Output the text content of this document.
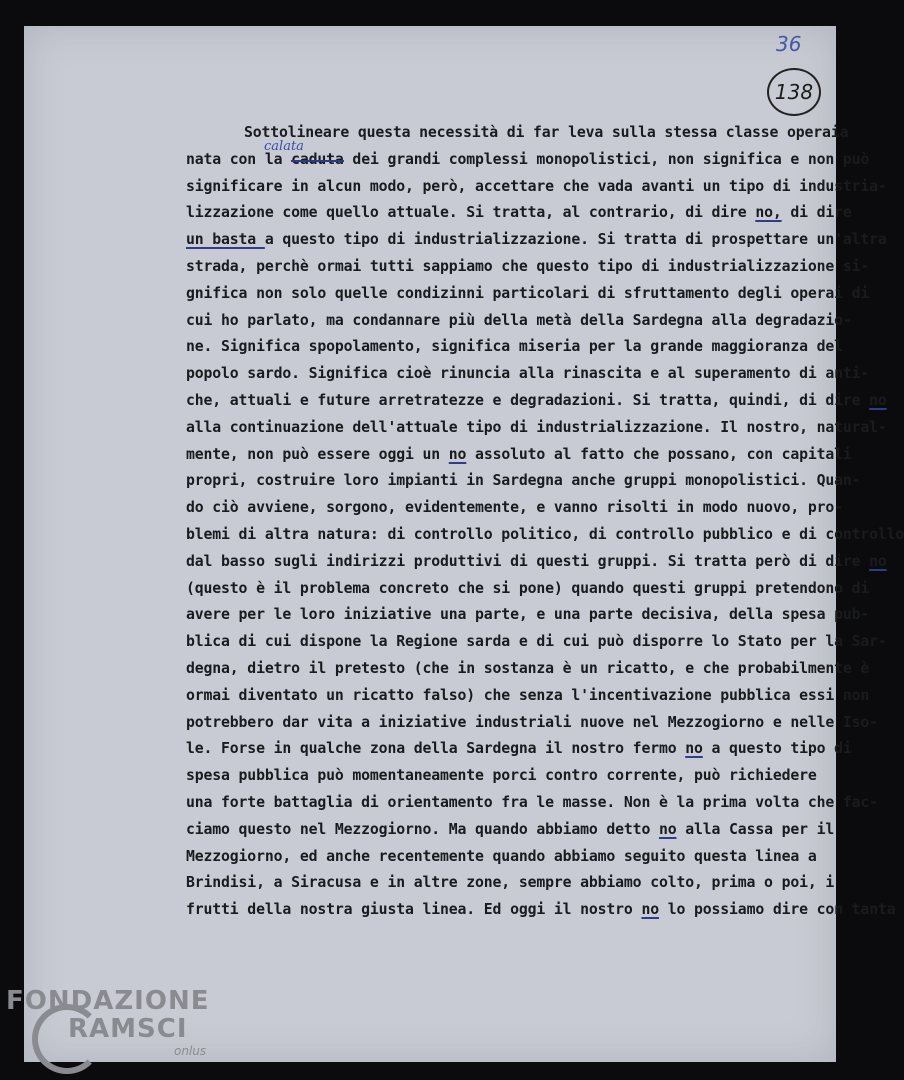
36
138
calata
Sottolineare questa necessità di far leva sulla stessa classe operaia
nata con la caduta dei grandi complessi monopolistici, non significa e non può
significare in alcun modo, però, accettare che vada avanti un tipo di industria-
lizzazione come quello attuale. Si tratta, al contrario, di dire no, di dire
un basta a questo tipo di industrializzazione. Si tratta di prospettare un'altra
strada, perchè ormai tutti sappiamo che questo tipo di industrializzazione si-
gnifica non solo quelle condizinni particolari di sfruttamento degli operai di
cui ho parlato, ma condannare più della metà della Sardegna alla degradazio-
ne. Significa spopolamento, significa miseria per la grande maggioranza del
popolo sardo. Significa cioè rinuncia alla rinascita e al superamento di anti-
che, attuali e future arretratezze e degradazioni. Si tratta, quindi, di dire no
alla continuazione dell'attuale tipo di industrializzazione. Il nostro, natural-
mente, non può essere oggi un no assoluto al fatto che possano, con capitali
propri, costruire loro impianti in Sardegna anche gruppi monopolistici. Quan-
do ciò avviene, sorgono, evidentemente, e vanno risolti in modo nuovo, pro-
blemi di altra natura: di controllo politico, di controllo pubblico e di controllo
dal basso sugli indirizzi produttivi di questi gruppi. Si tratta però di dire no
(questo è il problema concreto che si pone) quando questi gruppi pretendono di
avere per le loro iniziative una parte, e una parte decisiva, della spesa pub-
blica di cui dispone la Regione sarda e di cui può disporre lo Stato per la Sar-
degna, dietro il pretesto (che in sostanza è un ricatto, e che probabilmente è
ormai diventato un ricatto falso) che senza l'incentivazione pubblica essi non
potrebbero dar vita a iniziative industriali nuove nel Mezzogiorno e nelle Iso-
le. Forse in qualche zona della Sardegna il nostro fermo no a questo tipo di
spesa pubblica può momentaneamente porci contro corrente, può richiedere
una forte battaglia di orientamento fra le masse. Non è la prima volta che fac-
ciamo questo nel Mezzogiorno. Ma quando abbiamo detto no alla Cassa per il
Mezzogiorno, ed anche recentemente quando abbiamo seguito questa linea a
Brindisi, a Siracusa e in altre zone, sempre abbiamo colto, prima o poi, i
frutti della nostra giusta linea. Ed oggi il nostro no lo possiamo dire con tanta
FONDAZIONE
RAMSCI
onlus
